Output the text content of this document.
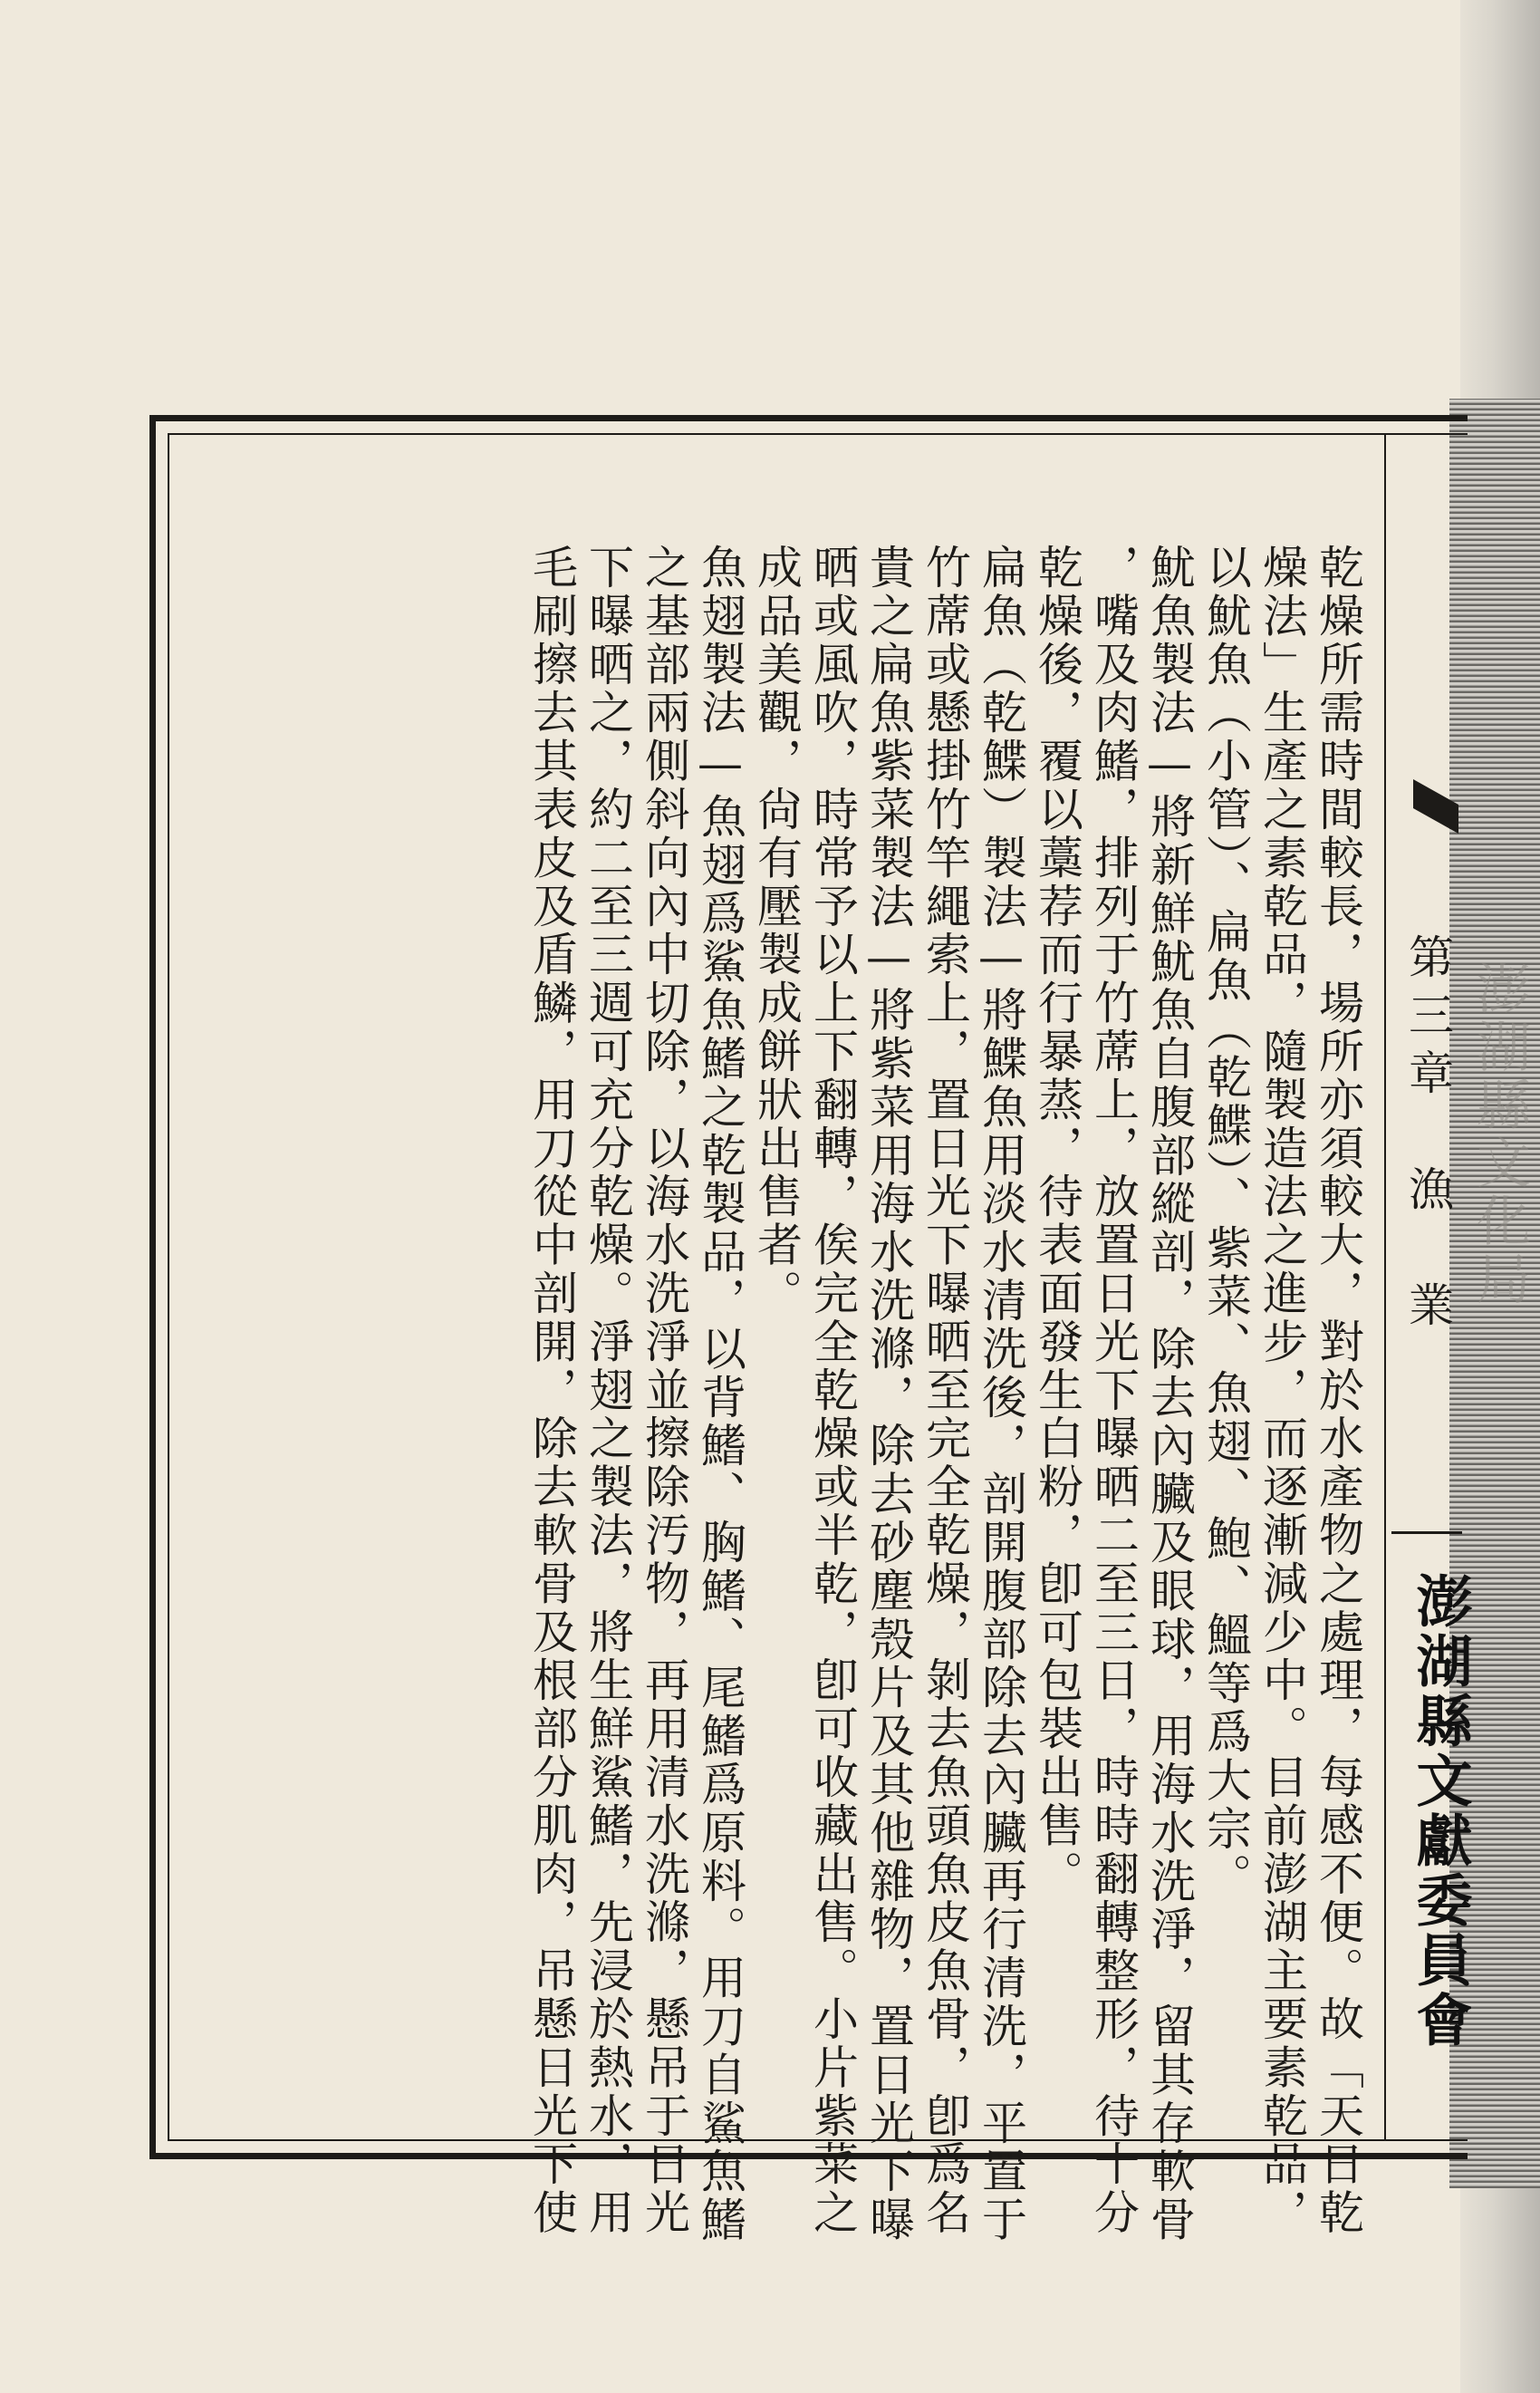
澎湖縣文化局
第三章　漁　業
澎湖縣文獻委員會
乾燥所需時間較長，場所亦須較大，對於水產物之處理，每感不便。故「天日乾
燥法」生產之素乾品，隨製造法之進步，而逐漸減少中。目前澎湖主要素乾品，
以魷魚（小管）、扁魚（乾鰈）、紫菜、魚翅、鮑、鰮等爲大宗。
魷魚製法—將新鮮魷魚自腹部縱剖，除去內臟及眼球，用海水洗淨，留其存軟骨
，嘴及肉鰭，排列于竹蓆上，放置日光下曝晒二至三日，時時翻轉整形，待十分
乾燥後，覆以藁荐而行暴蒸，待表面發生白粉，卽可包裝出售。
扁魚（乾鰈）製法—將鰈魚用淡水清洗後，剖開腹部除去內臟再行清洗，平置于
竹蓆或懸掛竹竿繩索上，置日光下曝晒至完全乾燥，剝去魚頭魚皮魚骨，卽爲名
貴之扁魚紫菜製法—將紫菜用海水洗滌，除去砂塵殼片及其他雜物，置日光下曝
晒或風吹，時常予以上下翻轉，俟完全乾燥或半乾，卽可收藏出售。小片紫菜之
成品美觀，尙有壓製成餅狀出售者。
魚翅製法—魚翅爲鯊魚鰭之乾製品，以背鰭、胸鰭、尾鰭爲原料。用刀自鯊魚鰭
之基部兩側斜向內中切除，以海水洗淨並擦除汚物，再用清水洗滌，懸吊于日光
下曝晒之，約二至三週可充分乾燥。淨翅之製法，將生鮮鯊鰭，先浸於熱水，用
毛刷擦去其表皮及盾鱗，用刀從中剖開，除去軟骨及根部分肌肉，吊懸日光下使
